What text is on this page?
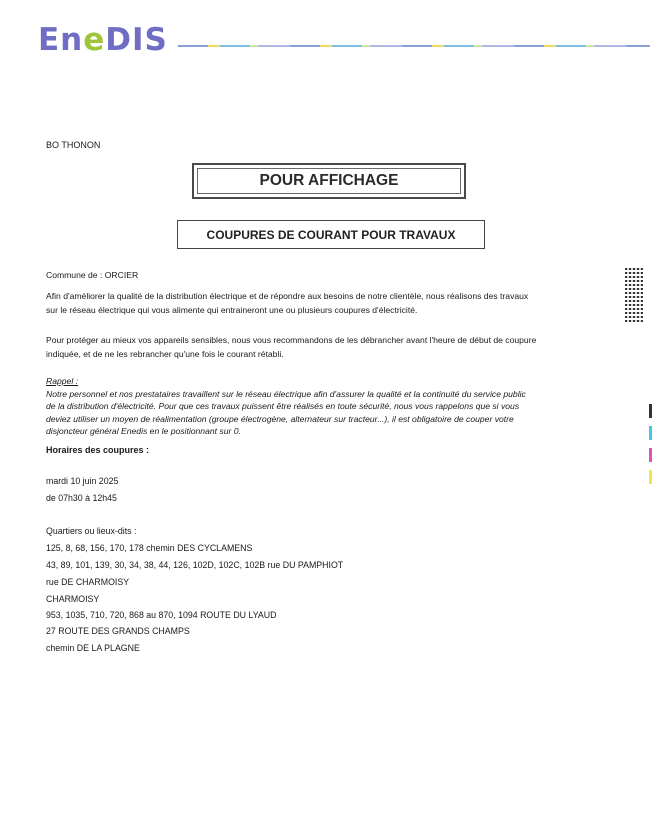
EneDIS
BO THONON
POUR AFFICHAGE
COUPURES DE COURANT POUR TRAVAUX
Commune de : ORCIER
Afin d'améliorer la qualité de la distribution électrique et de répondre aux besoins de notre clientèle, nous réalisons des travaux
sur le réseau électrique qui vous alimente qui entraineront une ou plusieurs coupures d'électricité.
Pour protéger au mieux vos appareils sensibles, nous vous recommandons de les débrancher avant l'heure de début de coupure
indiquée, et de ne les rebrancher qu'une fois le courant rétabli.
Rappel :
Notre personnel et nos prestataires travaillent sur le réseau électrique afin d'assurer la qualité et la continuité du service public
de la distribution d'électricité. Pour que ces travaux puissent être réalisés en toute sécurité, nous vous rappelons que si vous
deviez utiliser un moyen de réalimentation (groupe électrogène, alternateur sur tracteur...), il est obligatoire de couper votre
disjoncteur général Enedis en le positionnant sur 0.
Horaires des coupures :
mardi 10 juin 2025
de 07h30 à 12h45
Quartiers ou lieux-dits :
125, 8, 68, 156, 170, 178 chemin DES CYCLAMENS
43, 89, 101, 139, 30, 34, 38, 44, 126, 102D, 102C, 102B rue DU PAMPHIOT
rue DE CHARMOISY
CHARMOISY
953, 1035, 710, 720, 868 au 870, 1094 ROUTE DU LYAUD
27 ROUTE DES GRANDS CHAMPS
chemin DE LA PLAGNE
